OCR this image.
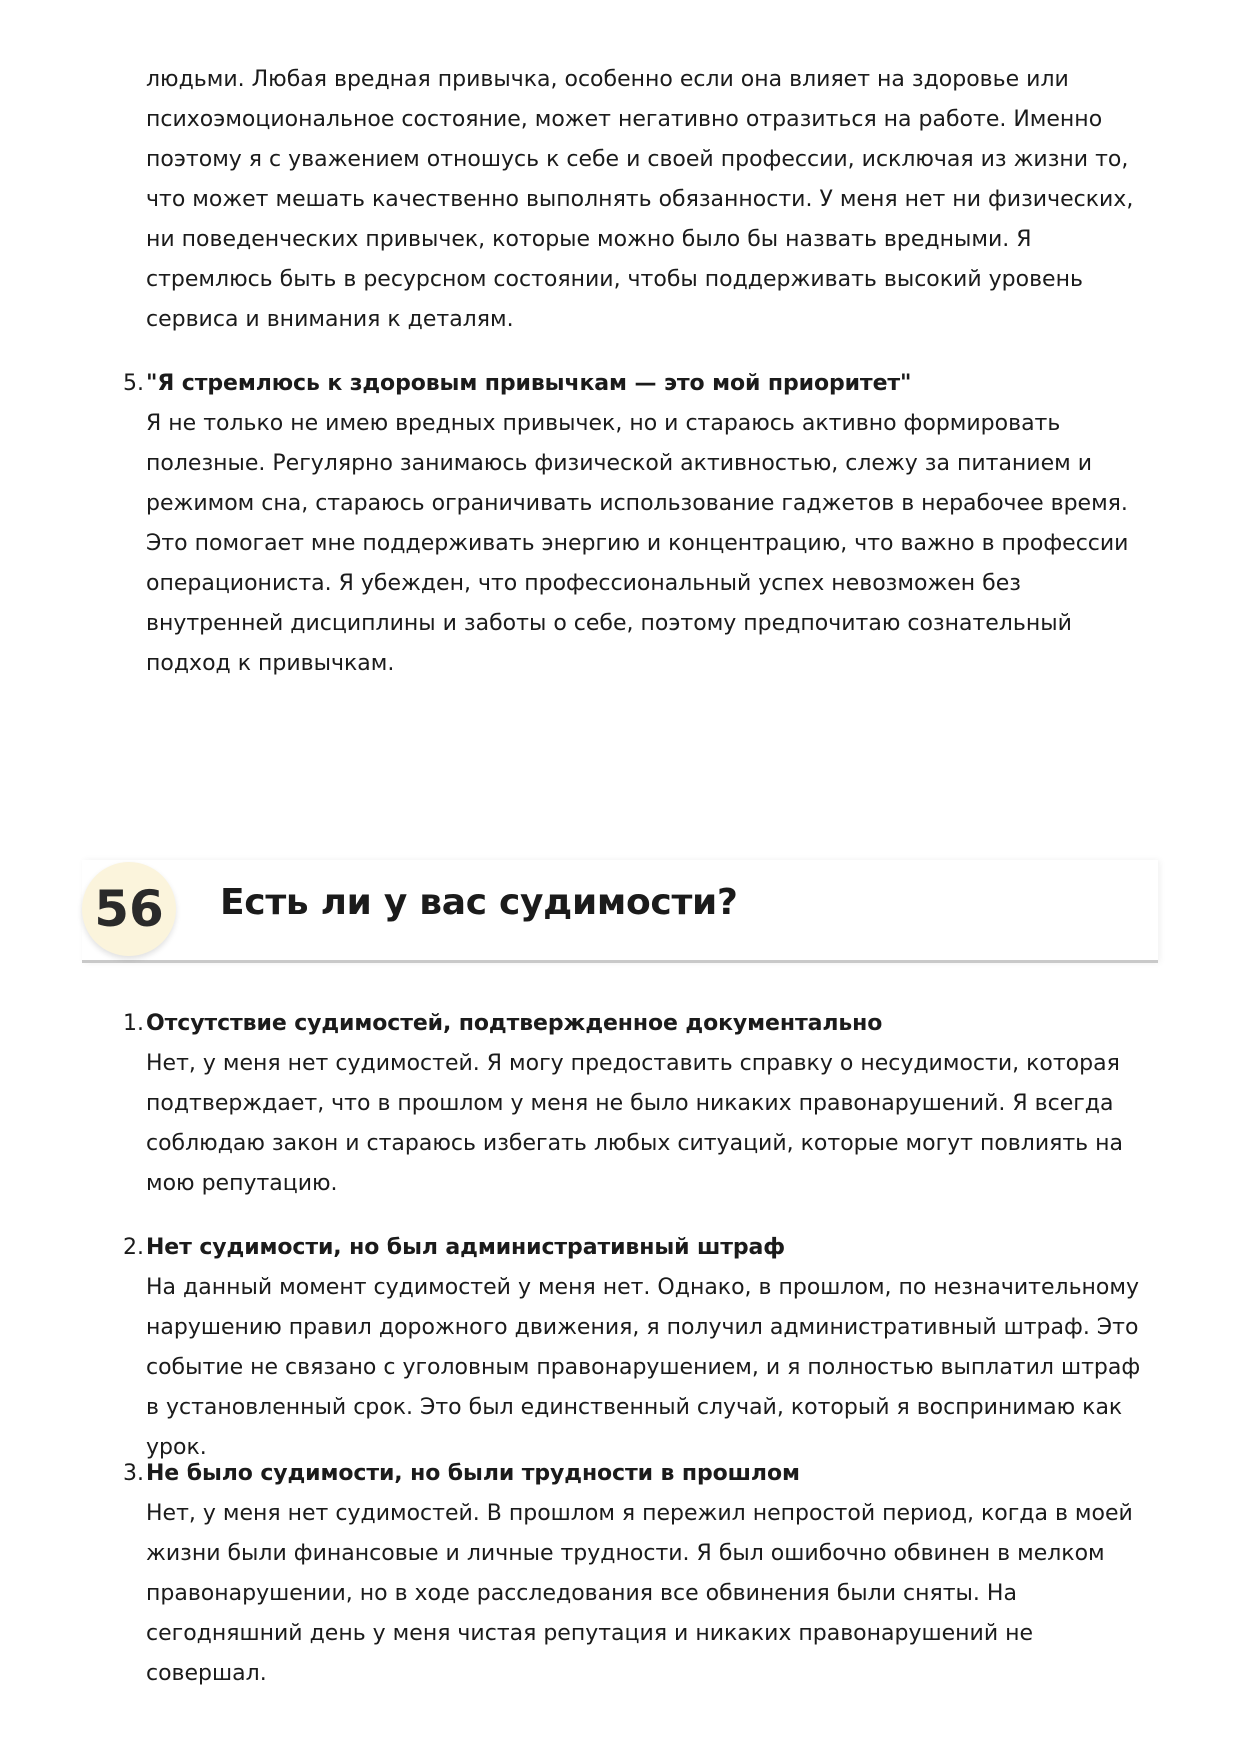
людьми. Любая вредная привычка, особенно если она влияет на здоровье или психоэмоциональное состояние, может негативно отразиться на работе. Именно поэтому я с уважением отношусь к себе и своей профессии, исключая из жизни то, что может мешать качественно выполнять обязанности. У меня нет ни физических, ни поведенческих привычек, которые можно было бы назвать вредными. Я стремлюсь быть в ресурсном состоянии, чтобы поддерживать высокий уровень сервиса и внимания к деталям.

5. "Я стремлюсь к здоровым привычкам — это мой приоритет"
Я не только не имею вредных привычек, но и стараюсь активно формировать полезные. Регулярно занимаюсь физической активностью, слежу за питанием и режимом сна, стараюсь ограничивать использование гаджетов в нерабочее время. Это помогает мне поддерживать энергию и концентрацию, что важно в профессии операциониста. Я убежден, что профессиональный успех невозможен без внутренней дисциплины и заботы о себе, поэтому предпочитаю сознательный подход к привычкам.
56	Есть ли у вас судимости?
1. Отсутствие судимостей, подтвержденное документально
Нет, у меня нет судимостей. Я могу предоставить справку о несудимости, которая подтверждает, что в прошлом у меня не было никаких правонарушений. Я всегда соблюдаю закон и стараюсь избегать любых ситуаций, которые могут повлиять на мою репутацию.
2. Нет судимости, но был административный штраф
На данный момент судимостей у меня нет. Однако, в прошлом, по незначительному нарушению правил дорожного движения, я получил административный штраф. Это событие не связано с уголовным правонарушением, и я полностью выплатил штраф в установленный срок. Это был единственный случай, который я воспринимаю как урок.
3. Не было судимости, но были трудности в прошлом
Нет, у меня нет судимостей. В прошлом я пережил непростой период, когда в моей жизни были финансовые и личные трудности. Я был ошибочно обвинен в мелком правонарушении, но в ходе расследования все обвинения были сняты. На сегодняшний день у меня чистая репутация и никаких правонарушений не совершал.
